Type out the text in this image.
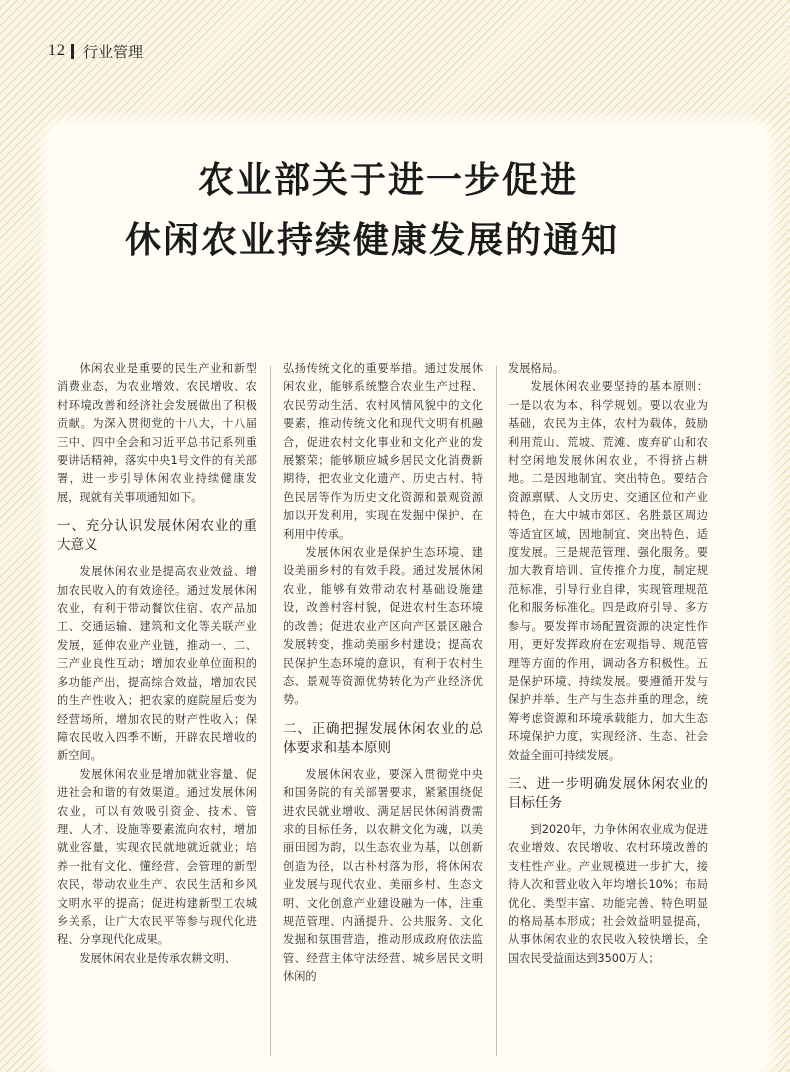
12 行业管理
农业部关于进一步促进
休闲农业持续健康发展的通知

休闲农业是重要的民生产业和新型消费业态，为农业增效、农民增收、农村环境改善和经济社会发展做出了积极贡献。为深入贯彻党的十八大，十八届三中、四中全会和习近平总书记系列重要讲话精神，落实中央1号文件的有关部署，进一步引导休闲农业持续健康发展，现就有关事项通知如下。

一、充分认识发展休闲农业的重大意义

发展休闲农业是提高农业效益、增加农民收入的有效途径。通过发展休闲农业，有利于带动餐饮住宿、农产品加工、交通运输、建筑和文化等关联产业发展，延伸农业产业链，推动一、二、三产业良性互动；增加农业单位面积的多功能产出，提高综合效益，增加农民的生产性收入；把农家的庭院屋后变为经营场所，增加农民的财产性收入；保障农民收入四季不断，开辟农民增收的新空间。

发展休闲农业是增加就业容量、促进社会和谐的有效渠道。通过发展休闲农业，可以有效吸引资金、技术、管理、人才、设施等要素流向农村，增加就业容量，实现农民就地就近就业；培养一批有文化、懂经营、会管理的新型农民，带动农业生产、农民生活和乡风文明水平的提高；促进构建新型工农城乡关系，让广大农民平等参与现代化进程、分享现代化成果。

发展休闲农业是传承农耕文明、

弘扬传统文化的重要举措。通过发展休闲农业，能够系统整合农业生产过程、农民劳动生活、农村风情风貌中的文化要素，推动传统文化和现代文明有机融合，促进农村文化事业和文化产业的发展繁荣；能够顺应城乡居民文化消费新期待，把农业文化遗产、历史古村、特色民居等作为历史文化资源和景观资源加以开发利用，实现在发掘中保护、在利用中传承。

发展休闲农业是保护生态环境、建设美丽乡村的有效手段。通过发展休闲农业，能够有效带动农村基础设施建设，改善村容村貌，促进农村生态环境的改善；促进农业产区向产区景区融合发展转变，推动美丽乡村建设；提高农民保护生态环境的意识，有利于农村生态、景观等资源优势转化为产业经济优势。

二、正确把握发展休闲农业的总体要求和基本原则

发展休闲农业，要深入贯彻党中央和国务院的有关部署要求，紧紧围绕促进农民就业增收、满足居民休闲消费需求的目标任务，以农耕文化为魂，以美丽田园为韵，以生态农业为基，以创新创造为径，以古朴村落为形，将休闲农业发展与现代农业、美丽乡村、生态文明、文化创意产业建设融为一体，注重规范管理、内涵提升、公共服务、文化发掘和氛围营造，推动形成政府依法监管、经营主体守法经营、城乡居民文明休闲的

发展格局。

发展休闲农业要坚持的基本原则：一是以农为本、科学规划。要以农业为基础，农民为主体，农村为载体，鼓励利用荒山、荒坡、荒滩、废弃矿山和农村空闲地发展休闲农业，不得挤占耕地。二是因地制宜、突出特色。要结合资源禀赋、人文历史、交通区位和产业特色，在大中城市郊区、名胜景区周边等适宜区域，因地制宜、突出特色、适度发展。三是规范管理、强化服务。要加大教育培训、宣传推介力度，制定规范标准，引导行业自律，实现管理规范化和服务标准化。四是政府引导、多方参与。要发挥市场配置资源的决定性作用，更好发挥政府在宏观指导、规范管理等方面的作用，调动各方积极性。五是保护环境、持续发展。要遵循开发与保护并举、生产与生态并重的理念，统筹考虑资源和环境承载能力，加大生态环境保护力度，实现经济、生态、社会效益全面可持续发展。

三、进一步明确发展休闲农业的目标任务

到2020年，力争休闲农业成为促进农业增效、农民增收、农村环境改善的支柱性产业。产业规模进一步扩大，接待人次和营业收入年均增长10%；布局优化、类型丰富、功能完善、特色明显的格局基本形成；社会效益明显提高，从事休闲农业的农民收入较快增长，全国农民受益面达到3500万人；
